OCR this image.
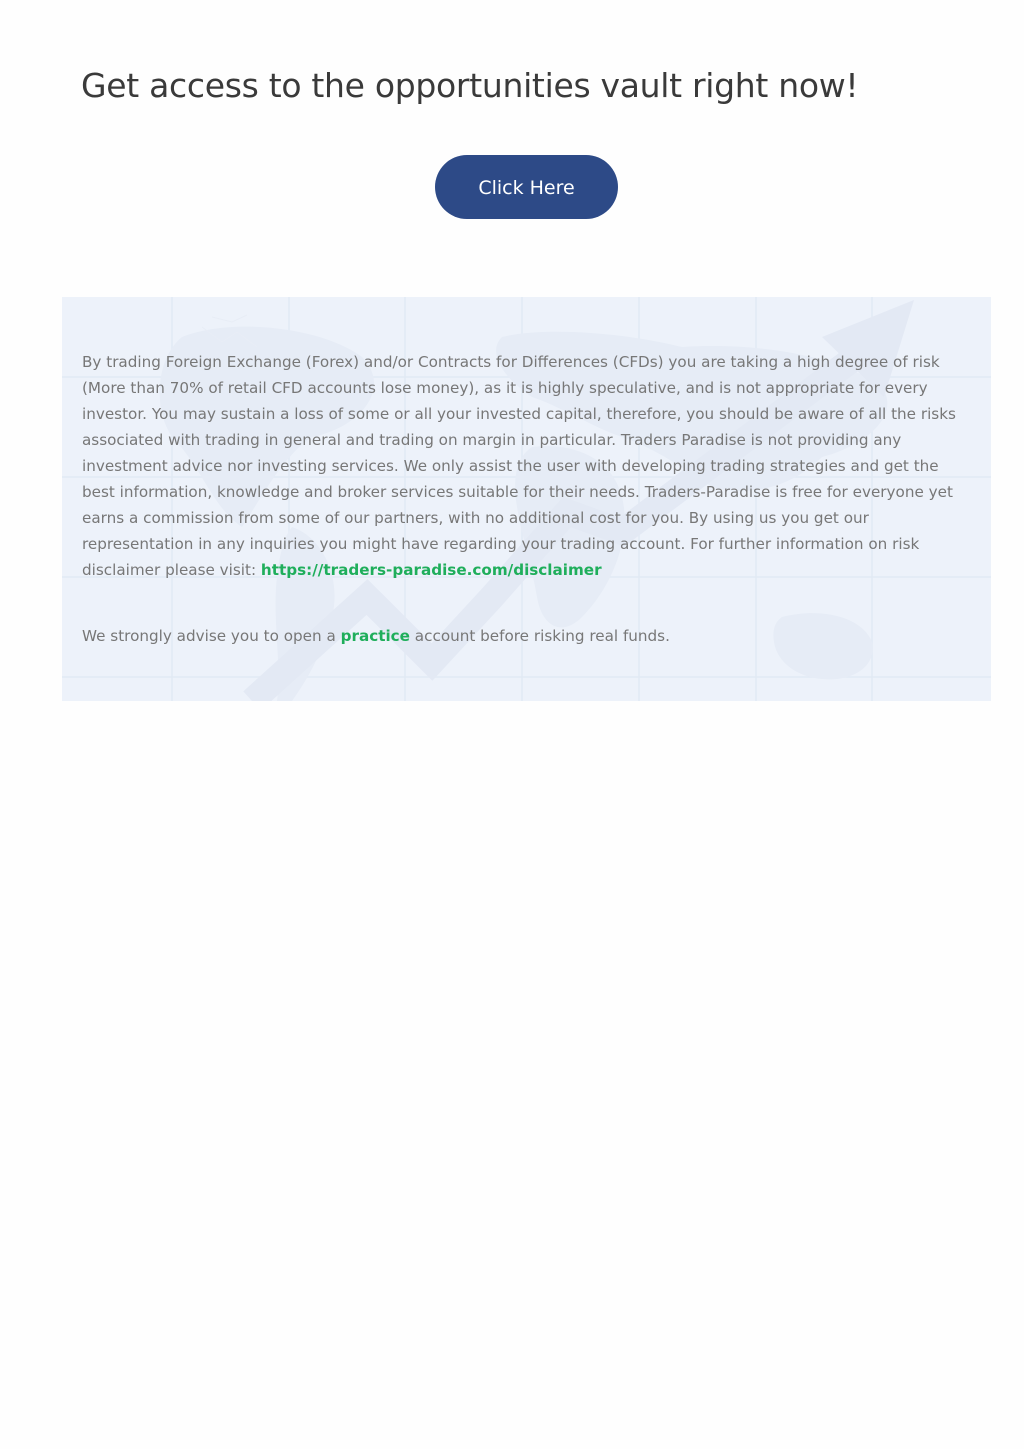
Get access to the opportunities vault right now!
Click Here

By trading Foreign Exchange (Forex) and/or Contracts for Differences (CFDs) you are taking a high degree of risk (More than 70% of retail CFD accounts lose money), as it is highly speculative, and is not appropriate for every investor. You may sustain a loss of some or all your invested capital, therefore, you should be aware of all the risks associated with trading in general and trading on margin in particular. Traders Paradise is not providing any investment advice nor investing services. We only assist the user with developing trading strategies and get the best information, knowledge and broker services suitable for their needs. Traders-Paradise is free for everyone yet earns a commission from some of our partners, with no additional cost for you. By using us you get our representation in any inquiries you might have regarding your trading account. For further information on risk disclaimer please visit: https://traders-paradise.com/disclaimer

We strongly advise you to open a practice account before risking real funds.
